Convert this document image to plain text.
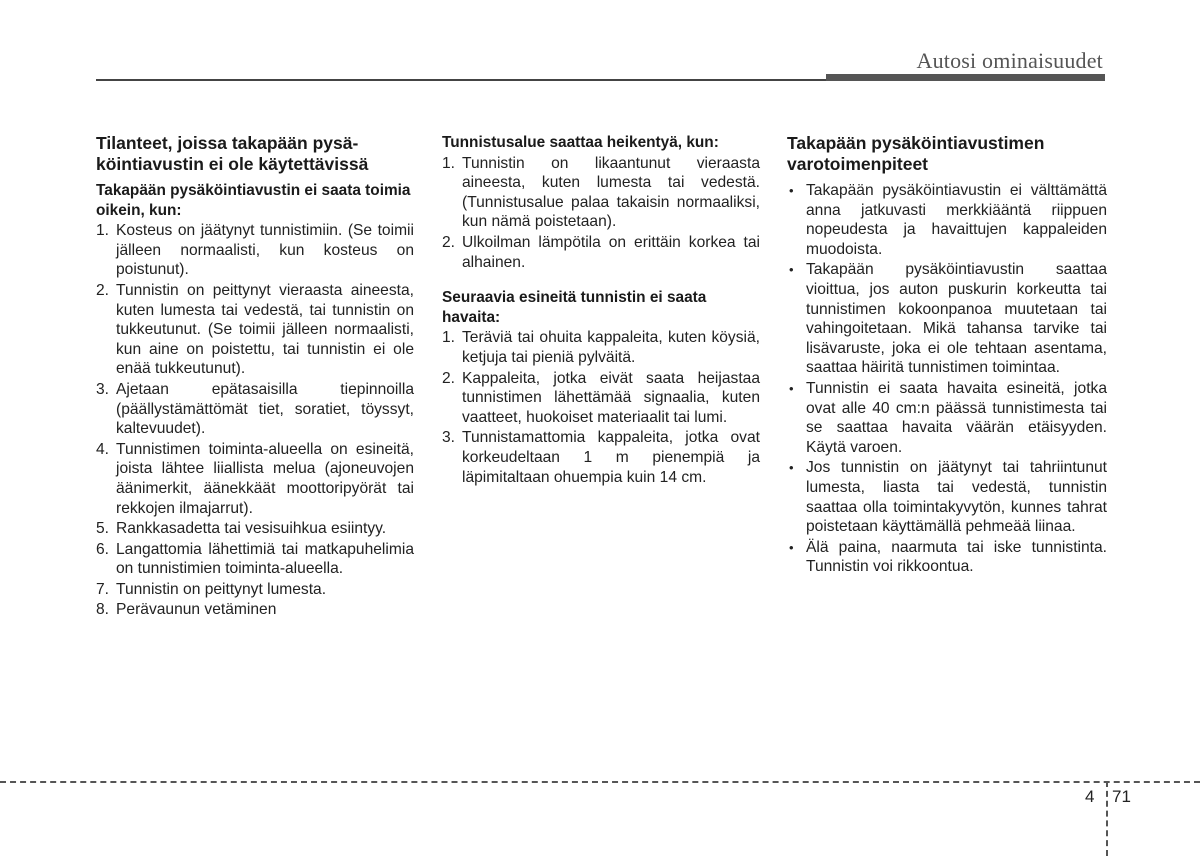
Autosi ominaisuudet
Tilanteet, joissa takapään pysä-köintiavustin ei ole käytettävissä
Takapään pysäköintiavustin ei saata toimia oikein, kun:
1. Kosteus on jäätynyt tunnistimiin. (Se toimii jälleen normaalisti, kun kosteus on poistunut).
2. Tunnistin on peittynyt vieraasta aineesta, kuten lumesta tai vedestä, tai tunnistin on tukkeutunut. (Se toimii jälleen normaalisti, kun aine on poistettu, tai tunnistin ei ole enää tukkeutunut).
3. Ajetaan epätasaisilla tiepinnoilla (päällystämättömät tiet, soratiet, töyssyt, kaltevuudet).
4. Tunnistimen toiminta-alueella on esineitä, joista lähtee liiallista melua (ajoneuvojen äänimerkit, äänekkäät moottoripyörät tai rekkojen ilmajarrut).
5. Rankkasadetta tai vesisuihkua esiintyy.
6. Langattomia lähettimiä tai matkapuhelimia on tunnistimien toiminta-alueella.
7. Tunnistin on peittynyt lumesta.
8. Perävaunun vetäminen
Tunnistusalue saattaa heikentyä, kun:
1. Tunnistin on likaantunut vieraasta aineesta, kuten lumesta tai vedestä. (Tunnistusalue palaa takaisin normaaliksi, kun nämä poistetaan).
2. Ulkoilman lämpötila on erittäin korkea tai alhainen.
Seuraavia esineitä tunnistin ei saata havaita:
1. Teräviä tai ohuita kappaleita, kuten köysiä, ketjuja tai pieniä pylväitä.
2. Kappaleita, jotka eivät saata heijastaa tunnistimen lähettämää signaalia, kuten vaatteet, huokoiset materiaalit tai lumi.
3. Tunnistamattomia kappaleita, jotka ovat korkeudeltaan 1 m pienempiä ja läpimitaltaan ohuempia kuin 14 cm.
Takapään pysäköintiavustimen varotoimenpiteet
• Takapään pysäköintiavustin ei välttämättä anna jatkuvasti merkkiääntä riippuen nopeudesta ja havaittujen kappaleiden muodoista.
• Takapään pysäköintiavustin saattaa vioittua, jos auton puskurin korkeutta tai tunnistimen kokoonpanoa muutetaan tai vahingoitetaan. Mikä tahansa tarvike tai lisävaruste, joka ei ole tehtaan asentama, saattaa häiritä tunnistimen toimintaa.
• Tunnistin ei saata havaita esineitä, jotka ovat alle 40 cm:n päässä tunnistimesta tai se saattaa havaita väärän etäisyyden. Käytä varoen.
• Jos tunnistin on jäätynyt tai tahriintunut lumesta, liasta tai vedestä, tunnistin saattaa olla toimintakyvytön, kunnes tahrat poistetaan käyttämällä pehmeää liinaa.
• Älä paina, naarmuta tai iske tunnistinta. Tunnistin voi rikkoontua.
4 71
